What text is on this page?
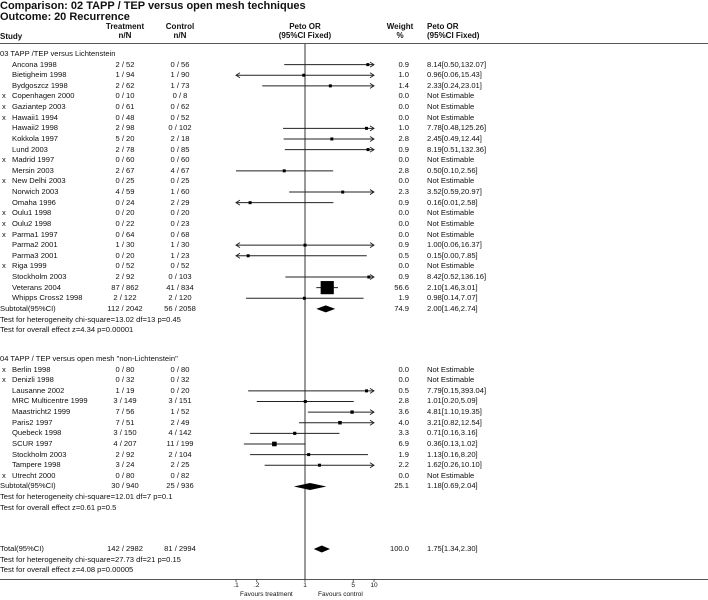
Comparison: 02 TAPP / TEP versus open mesh techniques
Outcome: 20 Recurrence
Study
Treatment
n/N
Control
n/N
Peto OR
(95%CI Fixed)
Weight
%
Peto OR
(95%CI Fixed)
03 TAPP /TEP versus Lichtenstein
Ancona 1998	2 / 52	0 / 56	0.9 8.14[0.50,132.07]
Bietigheim 1998	1 / 94	1 / 90	1.0 0.96[0.06,15.43]
Bydgoszcz 1998	2 / 62	1 / 73	1.4 2.33[0.24,23.01]
x Copenhagen 2000	0 / 10	0 / 8	0.0 Not Estimable
x Gaziantep 2003	0 / 61	0 / 62	0.0 Not Estimable
x Hawaii1 1994	0 / 48	0 / 52	0.0 Not Estimable
Hawaii2 1998	2 / 98	0 / 102	1.0 7.78[0.48,125.26]
Kokkola 1997	5 / 20	2 / 18	2.8 2.45[0.49,12.44]
Lund 2003	2 / 78	0 / 85	0.9 8.19[0.51,132.36]
x Madrid 1997	0 / 60	0 / 60	0.0 Not Estimable
Mersin 2003	2 / 67	4 / 67	2.8 0.50[0.10,2.56]
x New Delhi 2003	0 / 25	0 / 25	0.0 Not Estimable
Norwich 2003	4 / 59	1 / 60	2.3 3.52[0.59,20.97]
Omaha 1996	0 / 24	2 / 29	0.9 0.16[0.01,2.58]
x Oulu1 1998	0 / 20	0 / 20	0.0 Not Estimable
x Oulu2 1998	0 / 22	0 / 23	0.0 Not Estimable
x Parma1 1997	0 / 64	0 / 68	0.0 Not Estimable
Parma2 2001	1 / 30	1 / 30	0.9 1.00[0.06,16.37]
Parma3 2001	0 / 20	1 / 23	0.5 0.15[0.00,7.85]
x Riga 1999	0 / 52	0 / 52	0.0 Not Estimable
Stockholm 2003	2 / 92	0 / 103	0.9 8.42[0.52,136.16]
Veterans 2004	87 / 862	41 / 834	56.6 2.10[1.46,3.01]
Whipps Cross2 1998	2 / 122	2 / 120	1.9 0.98[0.14,7.07]
Subtotal(95%CI)	112 / 2042	56 / 2058	74.9 2.00[1.46,2.74]
Test for heterogeneity chi-square=13.02 df=13 p=0.45
Test for overall effect z=4.34 p=0.00001
04 TAPP / TEP versus open mesh "non-Lichtenstein"
x Berlin 1998	0 / 80	0 / 80	0.0 Not Estimable
x Denizli 1998	0 / 32	0 / 32	0.0 Not Estimable
Lausanne 2002	1 / 19	0 / 20	0.5 7.79[0.15,393.04]
MRC Multicentre 1999	3 / 149	3 / 151	2.8 1.01[0.20,5.09]
Maastricht2 1999	7 / 56	1 / 52	3.6 4.81[1.10,19.35]
Paris2 1997	7 / 51	2 / 49	4.0 3.21[0.82,12.54]
Quebeck 1998	3 / 150	4 / 142	3.3 0.71[0.16,3.16]
SCUR 1997	4 / 207	11 / 199	6.9 0.36[0.13,1.02]
Stockholm 2003	2 / 92	2 / 104	1.9 1.13[0.16,8.20]
Tampere 1998	3 / 24	2 / 25	2.2 1.62[0.26,10.10]
x Utrecht 2000	0 / 80	0 / 82	0.0 Not Estimable
Subtotal(95%CI)	30 / 940	25 / 936	25.1 1.18[0.69,2.04]
Test for heterogeneity chi-square=12.01 df=7 p=0.1
Test for overall effect z=0.61 p=0.5
Total(95%CI)	142 / 2982	81 / 2994	100.0 1.75[1.34,2.30]
Test for heterogeneity chi-square=27.73 df=21 p=0.15
Test for overall effect z=4.08 p=0.00005
.1	.2	1	5	10
Favours treatment	Favours control
